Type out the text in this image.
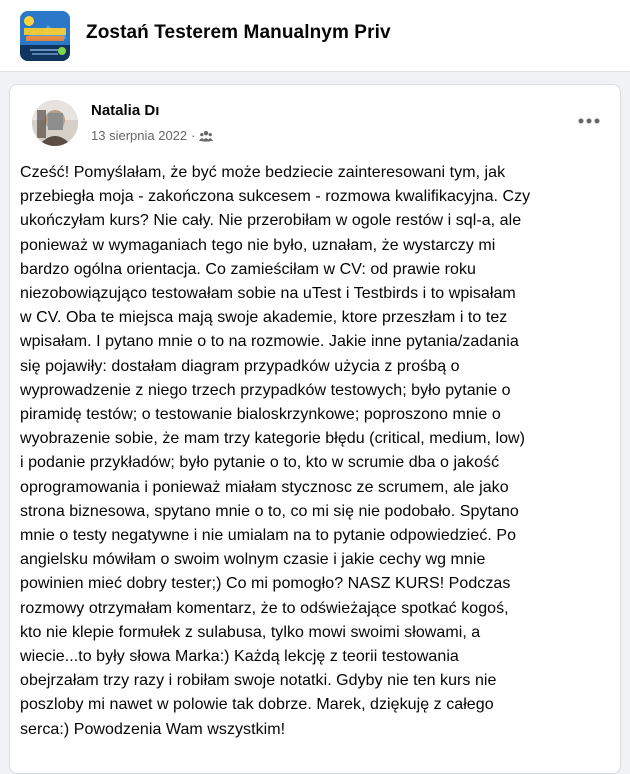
Zostań Testerem Manualnym Priv
Natalia Dı
13 sierpnia 2022 ·
Cześć! Pomyślałam, że być może bedziecie zainteresowani tym, jak
przebiegła moja - zakończona sukcesem - rozmowa kwalifikacyjna. Czy
ukończyłam kurs? Nie cały. Nie przerobiłam w ogole restów i sql-a, ale
ponieważ w wymaganiach tego nie było, uznałam, że wystarczy mi
bardzo ogólna orientacja. Co zamieściłam w CV: od prawie roku
niezobowiązująco testowałam sobie na uTest i Testbirds i to wpisałam
w CV. Oba te miejsca mają swoje akademie, ktore przeszłam i to tez
wpisałam. I pytano mnie o to na rozmowie. Jakie inne pytania/zadania
się pojawiły: dostałam diagram przypadków użycia z prośbą o
wyprowadzenie z niego trzech przypadków testowych; było pytanie o
piramidę testów; o testowanie bialoskrzynkowe; poproszono mnie o
wyobrazenie sobie, że mam trzy kategorie błędu (critical, medium, low)
i podanie przykładów; było pytanie o to, kto w scrumie dba o jakość
oprogramowania i ponieważ miałam stycznosc ze scrumem, ale jako
strona biznesowa, spytano mnie o to, co mi się nie podobało. Spytano
mnie o testy negatywne i nie umialam na to pytanie odpowiedzieć. Po
angielsku mówiłam o swoim wolnym czasie i jakie cechy wg mnie
powinien mieć dobry tester;) Co mi pomogło? NASZ KURS! Podczas
rozmowy otrzymałam komentarz, że to odświeżające spotkać kogoś,
kto nie klepie formułek z sulabusa, tylko mowi swoimi słowami, a
wiecie...to były słowa Marka:) Każdą lekcję z teorii testowania
obejrzałam trzy razy i robiłam swoje notatki. Gdyby nie ten kurs nie
poszloby mi nawet w polowie tak dobrze. Marek, dziękuję z całego
serca:) Powodzenia Wam wszystkim!
